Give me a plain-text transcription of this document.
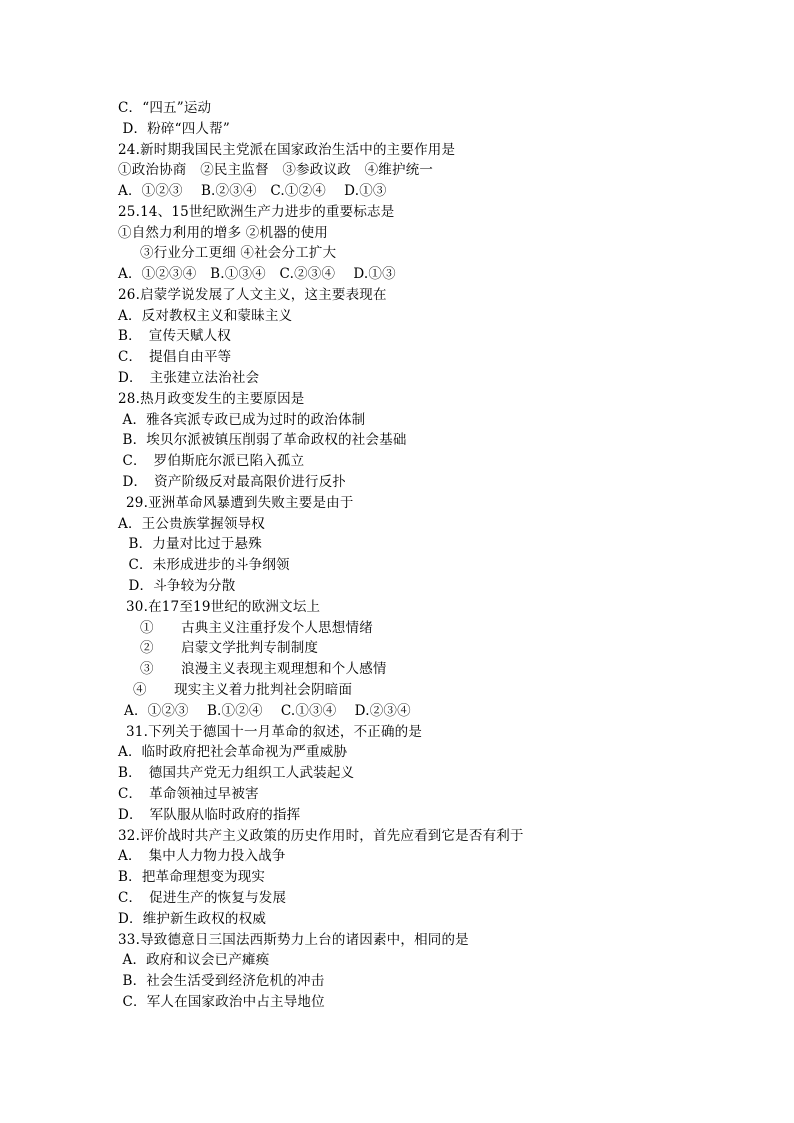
C．“四五”运动
D．粉碎“四人帮”
24.新时期我国民主党派在国家政治生活中的主要作用是
①政治协商　②民主监督　③参政议政　④维护统一
A．①②③　 B.②③④　C.①②④　 D.①③
25.14、15世纪欧洲生产力进步的重要标志是
①自然力利用的增多 ②机器的使用
③行业分工更细 ④社会分工扩大
A．①②③④　B.①③④　C.②③④　 D.①③
26.启蒙学说发展了人文主义，这主要表现在
A．反对教权主义和蒙昧主义
B．　宣传天赋人权
C．　提倡自由平等
D．　主张建立法治社会
28.热月政变发生的主要原因是
A．雅各宾派专政已成为过时的政治体制
B．埃贝尔派被镇压削弱了革命政权的社会基础
C．　罗伯斯庇尔派已陷入孤立
D．　资产阶级反对最高限价进行反扑
29.亚洲革命风暴遭到失败主要是由于
A．王公贵族掌握领导权
B．力量对比过于悬殊
C．未形成进步的斗争纲领
D．斗争较为分散
30.在17至19世纪的欧洲文坛上
①　　古典主义注重抒发个人思想情绪
②　　启蒙文学批判专制制度
③　　浪漫主义表现主观理想和个人感情
④　　现实主义着力批判社会阴暗面
A．①②③　 B.①②④　 C.①③④　 D.②③④
31.下列关于德国十一月革命的叙述，不正确的是
A．临时政府把社会革命视为严重威胁
B．　德国共产党无力组织工人武装起义
C．　革命领袖过早被害
D．　军队服从临时政府的指挥
32.评价战时共产主义政策的历史作用时，首先应看到它是否有利于
A．　集中人力物力投入战争
B．把革命理想变为现实
C．　促进生产的恢复与发展
D．维护新生政权的权威
33.导致德意日三国法西斯势力上台的诸因素中，相同的是
A．政府和议会已产瘫痪
B．社会生活受到经济危机的冲击
C．军人在国家政治中占主导地位
